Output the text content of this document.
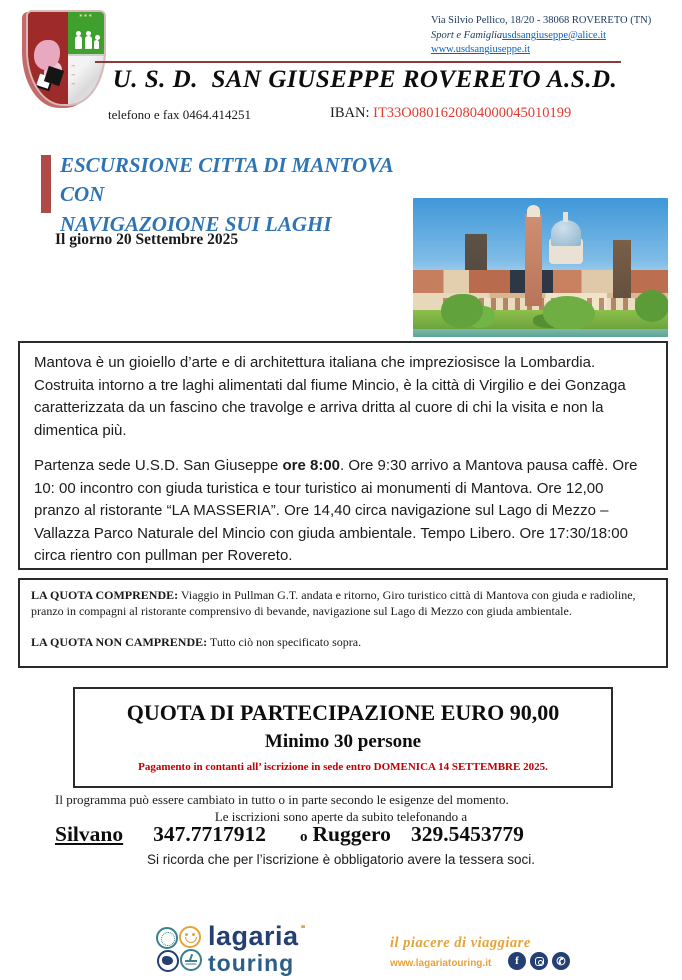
∗∗∗
~
~
~
Via Silvio Pellico, 18/20 - 38068 ROVERETO (TN)
Sport e Famigliausdsangiuseppe@alice.it
www.usdsangiuseppe.it
U. S. D.  SAN GIUSEPPE ROVERETO A.S.D.
telefono e fax 0464.414251	IBAN: IT33O0801620804000045010199
ESCURSIONE CITTA DI MANTOVA CON
NAVIGAZOIONE SUI LAGHI
Il giorno 20 Settembre 2025

Mantova è un gioiello d’arte e di architettura italiana che impreziosisce la Lombardia. Costruita intorno a tre laghi alimentati dal fiume Mincio, è la città di Virgilio e dei Gonzaga caratterizzata da un fascino che travolge e arriva dritta al cuore di chi la visita e non la dimentica più.

Partenza sede U.S.D. San Giuseppe ore 8:00. Ore 9:30 arrivo a Mantova pausa caffè. Ore 10: 00 incontro con giuda turistica e tour turistico ai monumenti di Mantova. Ore 12,00 pranzo al ristorante “LA MASSERIA”. Ore 14,40 circa navigazione sul Lago di Mezzo – Vallazza Parco Naturale del Mincio con giuda ambientale. Tempo Libero. Ore 17:30/18:00 circa rientro con pullman per Rovereto.

LA QUOTA COMPRENDE: Viaggio in Pullman G.T. andata e ritorno, Giro turistico città di Mantova con giuda e radioline, pranzo in compagni al ristorante comprensivo di bevande, navigazione sul Lago di Mezzo con giuda ambientale.

LA QUOTA NON CAMPRENDE: Tutto ciò non specificato sopra.

QUOTA DI PARTECIPAZIONE EURO 90,00
Minimo 30 persone
Pagamento in contanti all’ iscrizione in sede entro DOMENICA 14 SETTEMBRE 2025.
Il programma può essere cambiato in tutto o in parte secondo le esigenze del momento.
Le iscrizioni sono aperte da subito telefonando a
Silvano 347.7717912 o Ruggero 329.5453779
Si ricorda che per l’iscrizione è obbligatorio avere la tessera soci.
lagaria˙
touring
il piacere di viaggiare
www.lagariatouring.it f	✆
